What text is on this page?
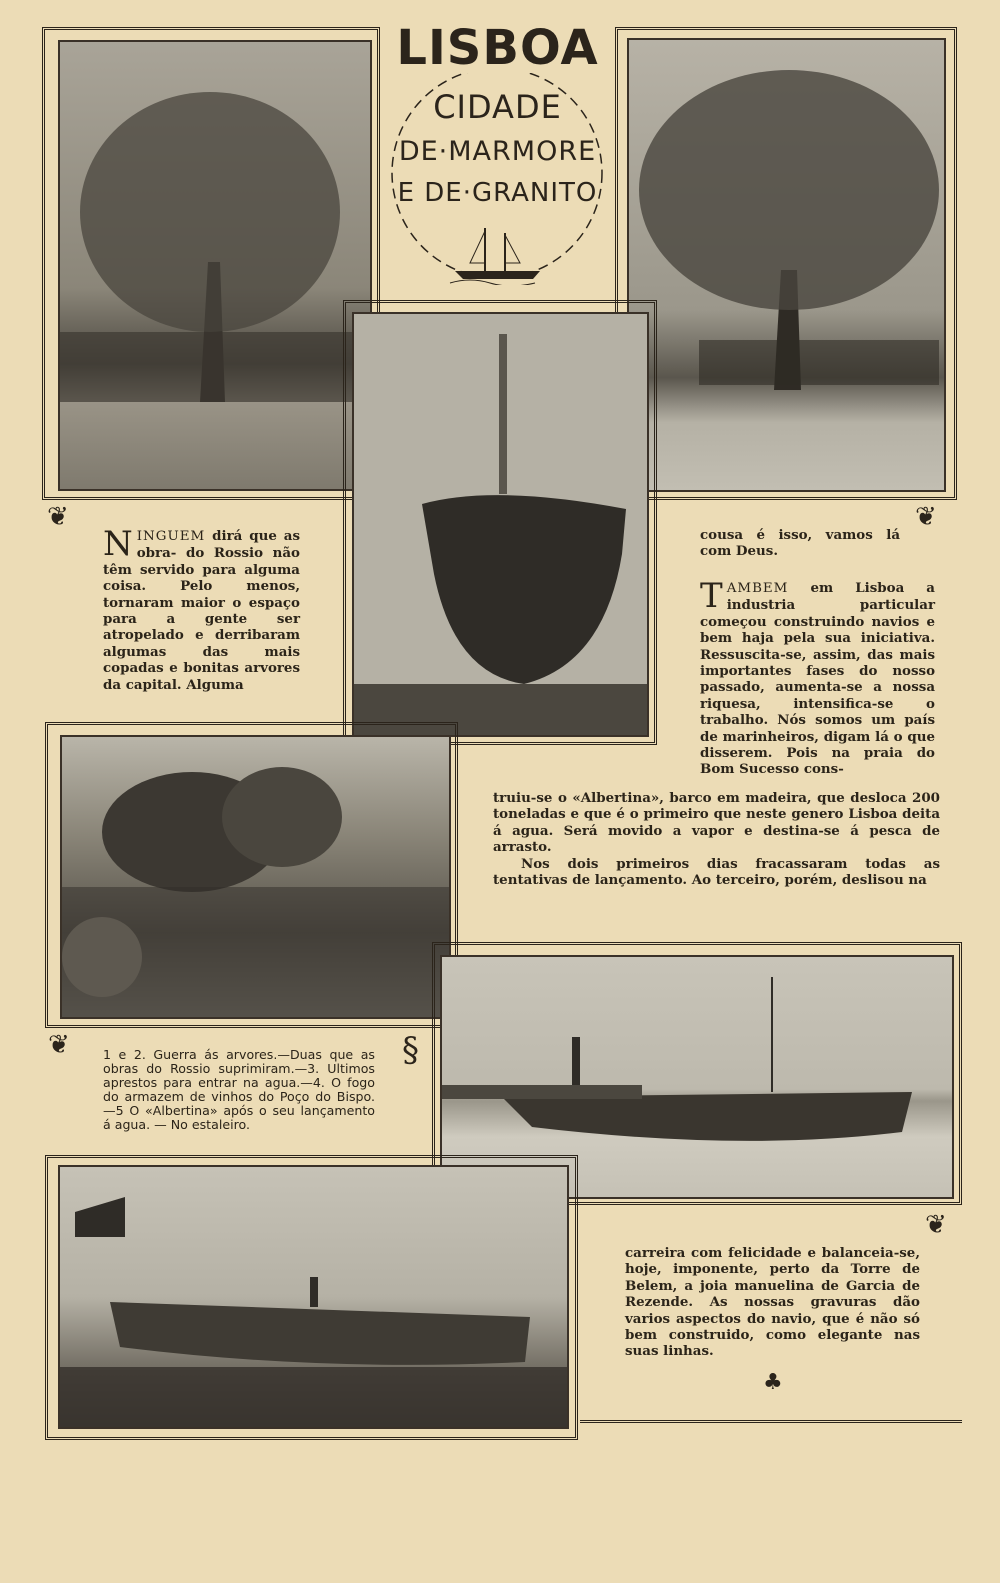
LISBOA
CIDADE
DE·MARMORE
E DE·GRANITO
NINGUEM dirá que as obra- do Rossio não têm servido para alguma coisa. Pelo menos, tornaram maior o espaço para a gente ser atropelado e derribaram algumas das mais copadas e bonitas arvores da capital. Alguma
❦
cousa é isso, vamos lá com Deus.
❦
TAMBEM em Lisboa a industria particular começou construindo navios e bem haja pela sua iniciativa. Ressuscita-se, assim, das mais importantes fases do nosso passado, aumenta-se a nossa riquesa, intensifica-se o trabalho. Nós somos um país de marinheiros, digam lá o que disserem. Pois na praia do Bom Sucesso cons-
truiu-se o «Albertina», barco em madeira, que desloca 200 toneladas e que é o primeiro que neste genero Lisboa deita á agua. Será movido a vapor e destina-se á pesca de arrasto.
Nos dois primeiros dias fracassaram todas as tentativas de lançamento. Ao terceiro, porém, deslisou na
❦	1 e 2. Guerra ás arvores.—Duas que as obras do Rossio suprimiram.—3. Ultimos aprestos para entrar na agua.—4. O fogo do armazem de vinhos do Poço do Bispo. —5 O «Albertina» após o seu lançamento á agua. — No estaleiro.
§
❦
carreira com felicidade e balanceia-se, hoje, imponente, perto da Torre de Belem, a joia manuelina de Garcia de Rezende. As nossas gravuras dão varios aspectos do navio, que é não só bem construido, como elegante nas suas linhas.
♣
